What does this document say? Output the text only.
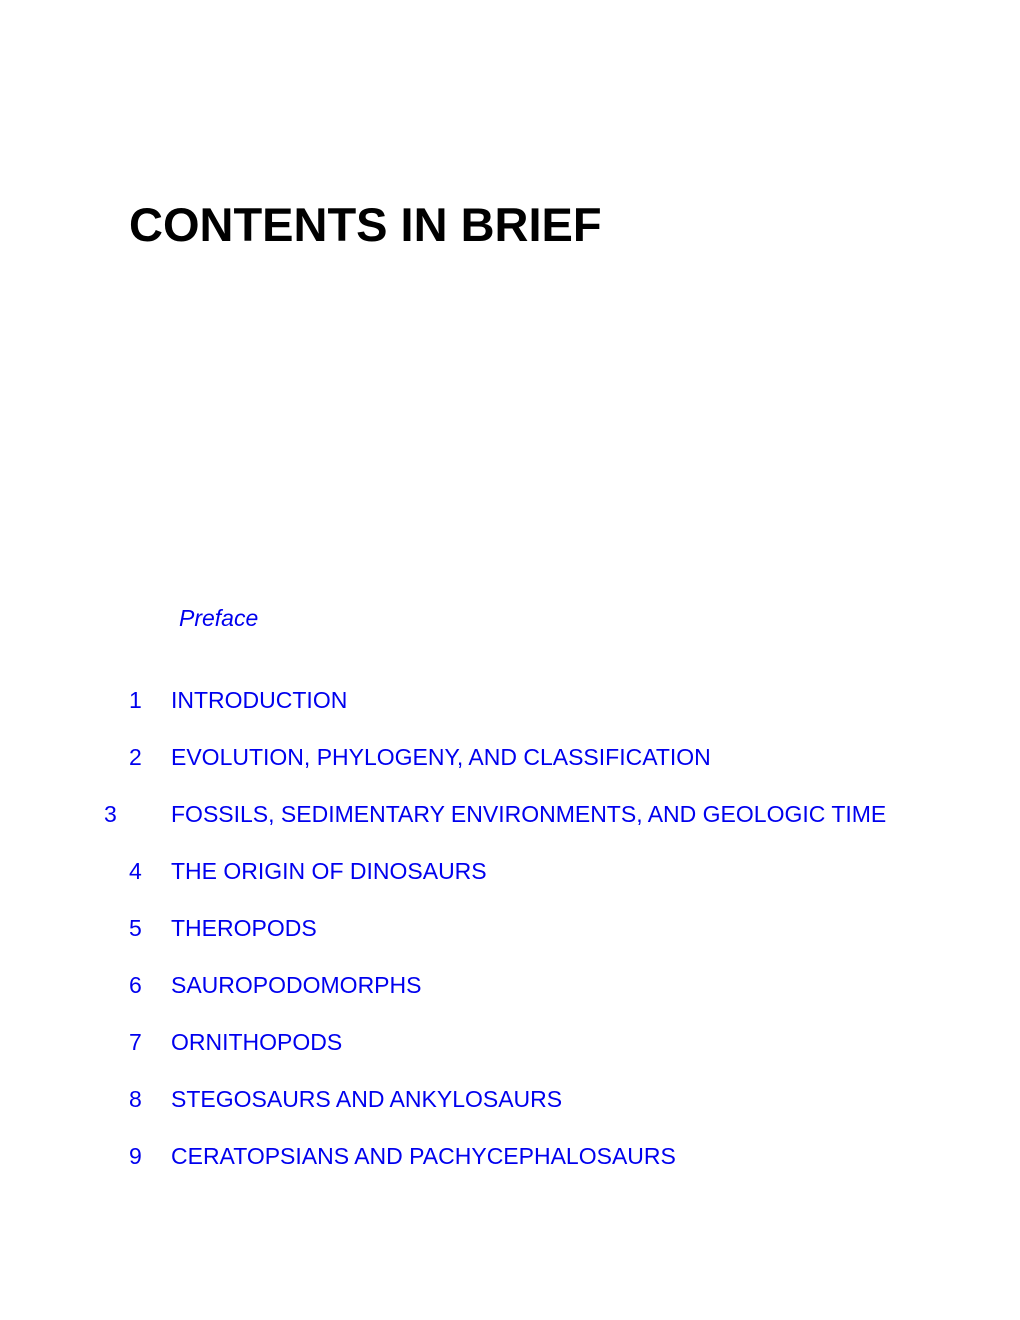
CONTENTS IN BRIEF
Preface
1 INTRODUCTION
2 EVOLUTION, PHYLOGENY, AND CLASSIFICATION
3 FOSSILS, SEDIMENTARY ENVIRONMENTS, AND GEOLOGIC TIME
4 THE ORIGIN OF DINOSAURS
5 THEROPODS
6 SAUROPODOMORPHS
7 ORNITHOPODS
8 STEGOSAURS AND ANKYLOSAURS
9 CERATOPSIANS AND PACHYCEPHALOSAURS
